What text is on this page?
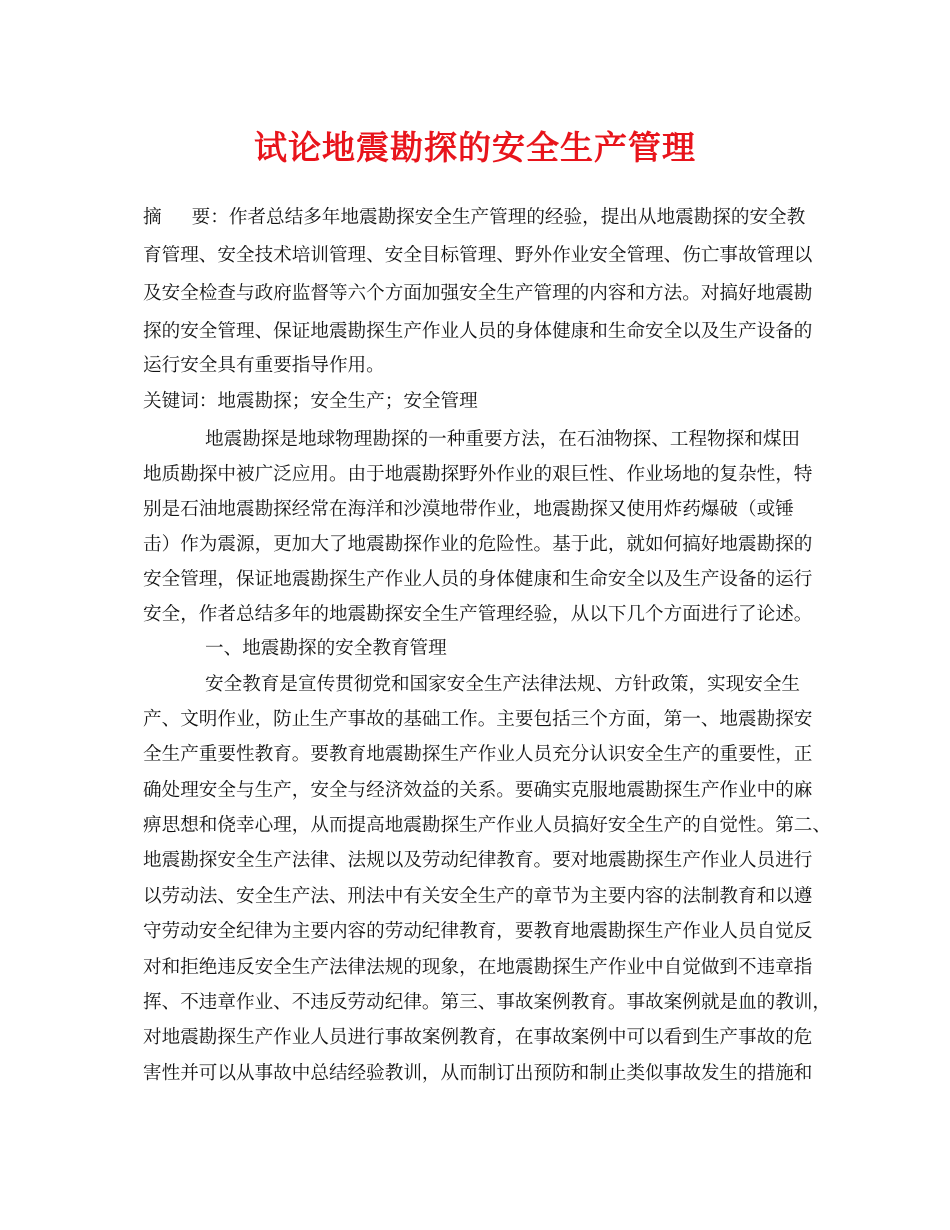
试论地震勘探的安全生产管理
摘 要：作者总结多年地震勘探安全生产管理的经验，提出从地震勘探的安全教
育管理、安全技术培训管理、安全目标管理、野外作业安全管理、伤亡事故管理以
及安全检查与政府监督等六个方面加强安全生产管理的内容和方法。对搞好地震勘
探的安全管理、保证地震勘探生产作业人员的身体健康和生命安全以及生产设备的
运行安全具有重要指导作用。
关键词：地震勘探；安全生产；安全管理
地震勘探是地球物理勘探的一种重要方法，在石油物探、工程物探和煤田
地质勘探中被广泛应用。由于地震勘探野外作业的艰巨性、作业场地的复杂性，特
别是石油地震勘探经常在海洋和沙漠地带作业，地震勘探又使用炸药爆破（或锤
击）作为震源，更加大了地震勘探作业的危险性。基于此，就如何搞好地震勘探的
安全管理，保证地震勘探生产作业人员的身体健康和生命安全以及生产设备的运行
安全，作者总结多年的地震勘探安全生产管理经验，从以下几个方面进行了论述。
一、地震勘探的安全教育管理
安全教育是宣传贯彻党和国家安全生产法律法规、方针政策，实现安全生
产、文明作业，防止生产事故的基础工作。主要包括三个方面，第一、地震勘探安
全生产重要性教育。要教育地震勘探生产作业人员充分认识安全生产的重要性，正
确处理安全与生产，安全与经济效益的关系。要确实克服地震勘探生产作业中的麻
痹思想和侥幸心理，从而提高地震勘探生产作业人员搞好安全生产的自觉性。第二、
地震勘探安全生产法律、法规以及劳动纪律教育。要对地震勘探生产作业人员进行
以劳动法、安全生产法、刑法中有关安全生产的章节为主要内容的法制教育和以遵
守劳动安全纪律为主要内容的劳动纪律教育，要教育地震勘探生产作业人员自觉反
对和拒绝违反安全生产法律法规的现象，在地震勘探生产作业中自觉做到不违章指
挥、不违章作业、不违反劳动纪律。第三、事故案例教育。事故案例就是血的教训，
对地震勘探生产作业人员进行事故案例教育，在事故案例中可以看到生产事故的危
害性并可以从事故中总结经验教训，从而制订出预防和制止类似事故发生的措施和
